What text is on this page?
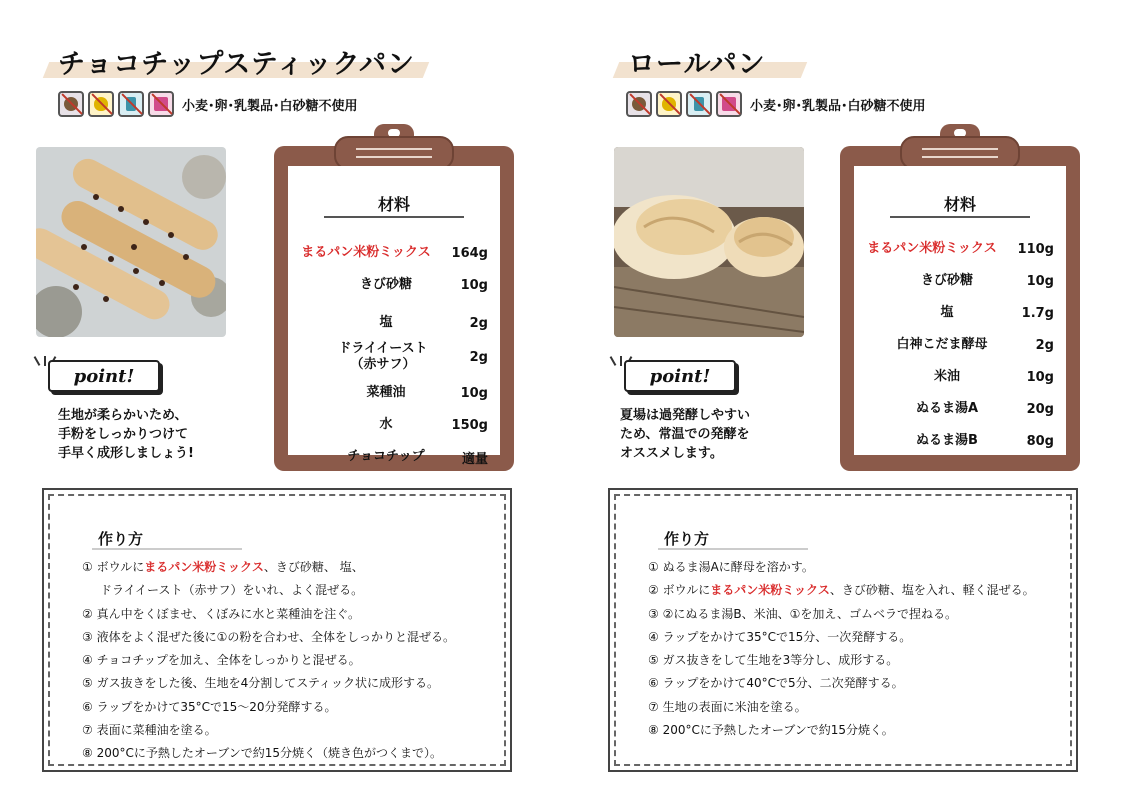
チョコチップスティックパン
小麦･卵･乳製品･白砂糖不使用
point!
生地が柔らかいため、
手粉をしっかりつけて
手早く成形しましょう!
材料
まるパン米粉ミックス	164g
きび砂糖	10g
塩	2g
ドライイースト
（赤サフ）	2g
菜種油	10g
水	150g
チョコチップ	適量
作り方
① ボウルにまるパン米粉ミックス、きび砂糖、 塩、
ドライイースト（赤サフ）をいれ、よく混ぜる。
② 真ん中をくぼませ、くぼみに水と菜種油を注ぐ。
③ 液体をよく混ぜた後に①の粉を合わせ、全体をしっかりと混ぜる。
④ チョコチップを加え、全体をしっかりと混ぜる。
⑤ ガス抜きをした後、生地を4分割してスティック状に成形する。
⑥ ラップをかけて35°Cで15〜20分発酵する。
⑦ 表面に菜種油を塗る。
⑧ 200°Cに予熱したオーブンで約15分焼く（焼き色がつくまで）。
ロールパン
小麦･卵･乳製品･白砂糖不使用
point!
夏場は過発酵しやすい
ため、常温での発酵を
オススメします。
材料
まるパン米粉ミックス	110g
きび砂糖	10g
塩	1.7g
白神こだま酵母	2g
米油	10g
ぬるま湯A	20g
ぬるま湯B	80g
作り方
① ぬるま湯Aに酵母を溶かす。
② ボウルにまるパン米粉ミックス、きび砂糖、塩を入れ、軽く混ぜる。
③ ②にぬるま湯B、米油、①を加え、ゴムベラで捏ねる。
④ ラップをかけて35°Cで15分、一次発酵する。
⑤ ガス抜きをして生地を3等分し、成形する。
⑥ ラップをかけて40°Cで5分、二次発酵する。
⑦ 生地の表面に米油を塗る。
⑧ 200°Cに予熱したオーブンで約15分焼く。
